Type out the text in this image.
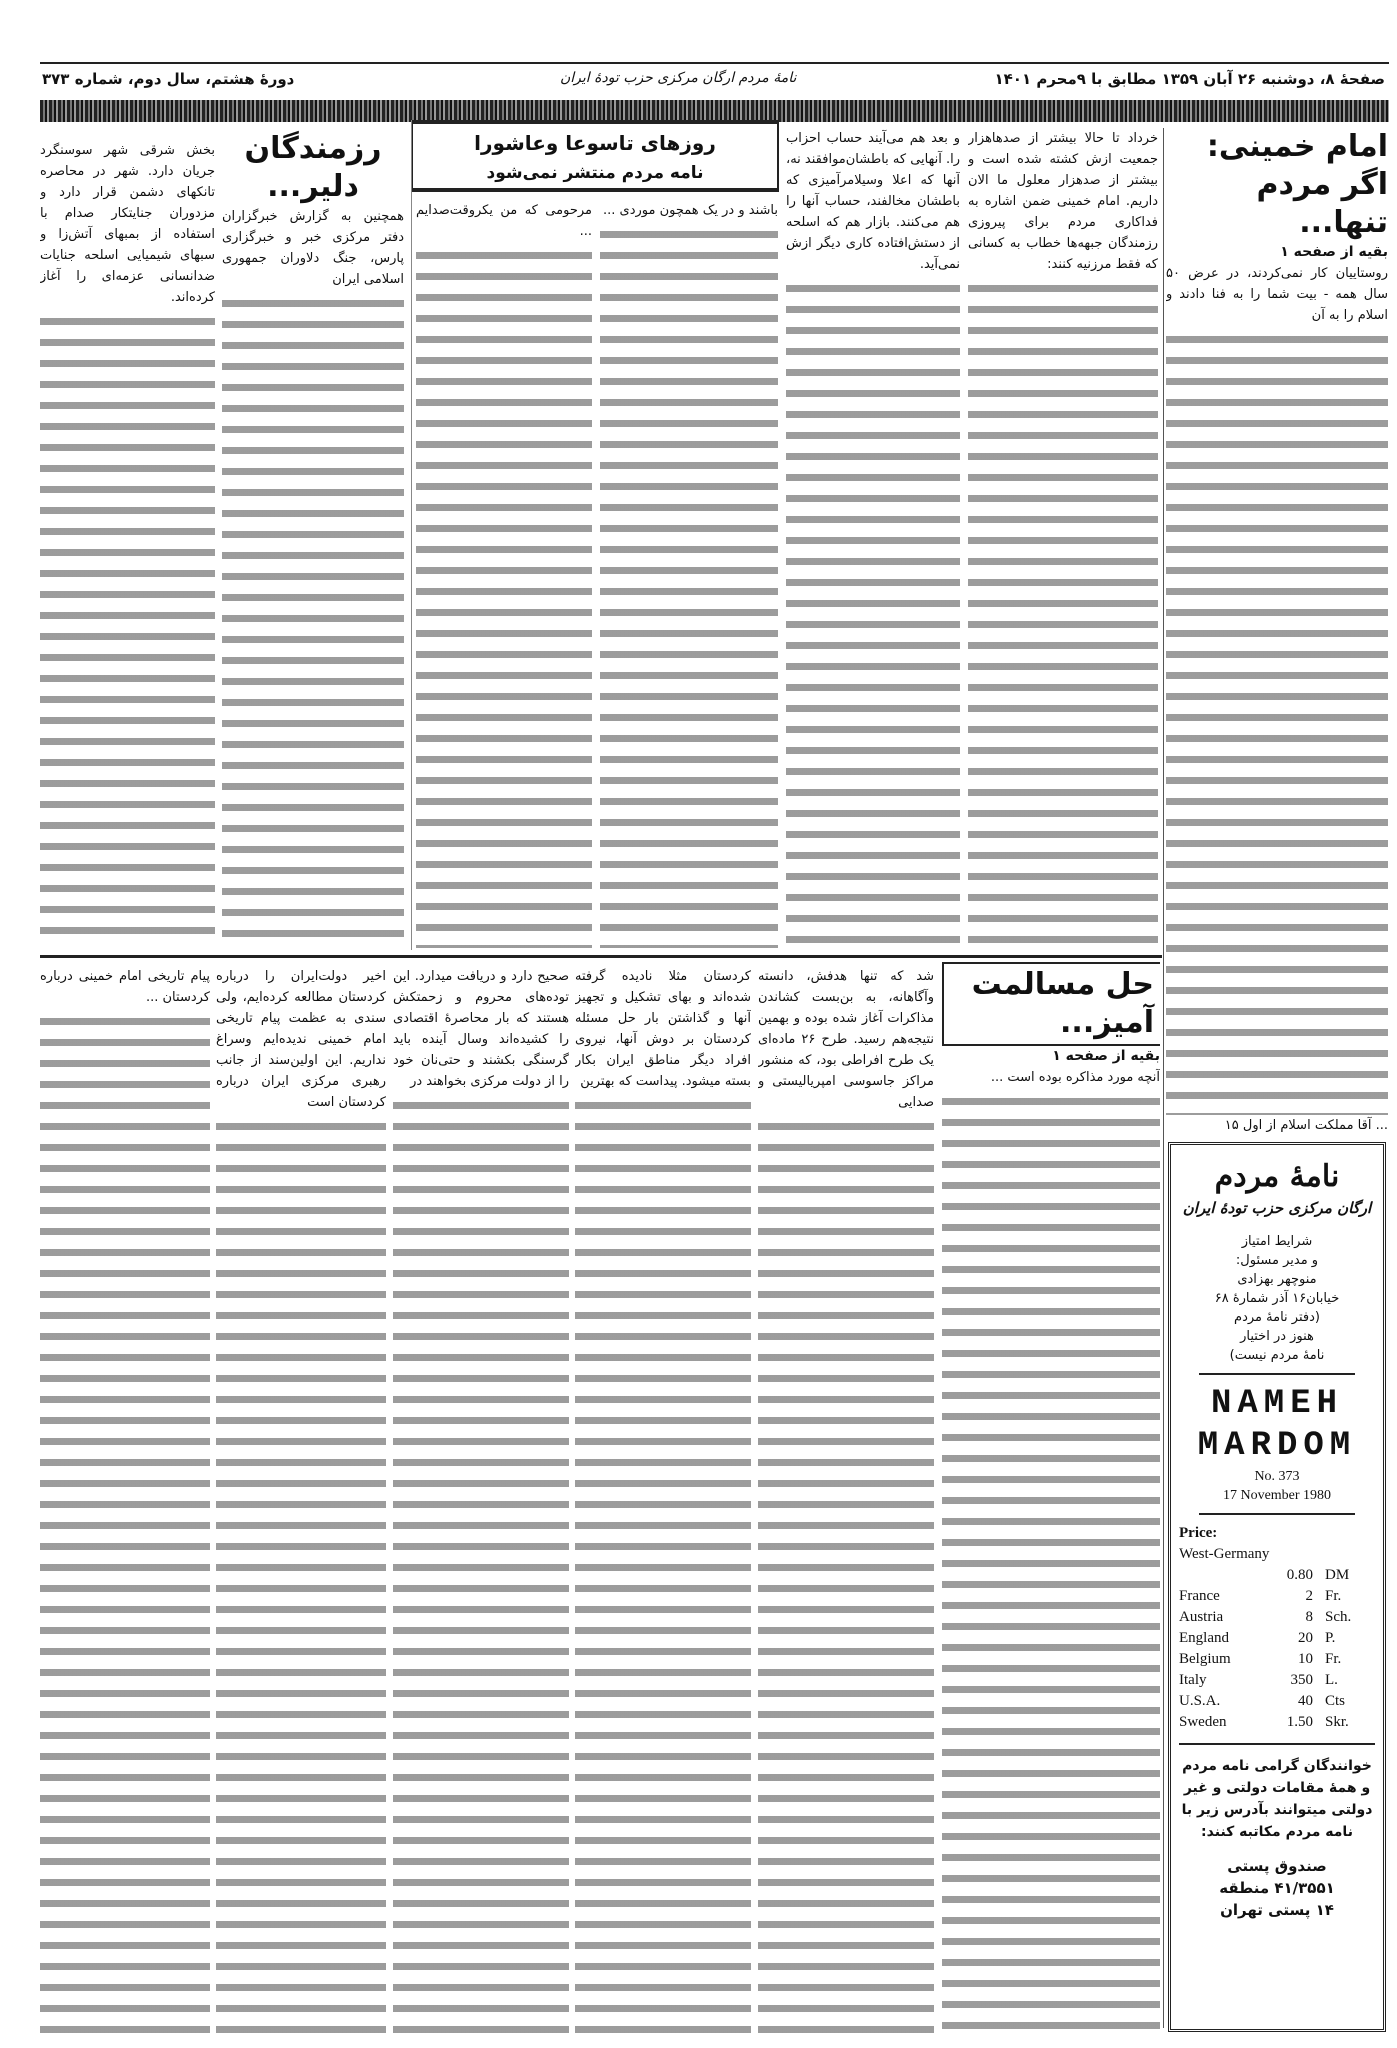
صفحهٔ ۸، دوشنبه ۲۶ آبان ۱۳۵۹ مطابق با ۹محرم ۱۴۰۱
نامهٔ مردم ارگان مرکزی حزب تودهٔ ایران
دورهٔ هشتم، سال دوم، شماره ۳۷۳
امام خمینی:
اگر مردم تنها...
بقیه از صفحه ۱

روستاییان کار نمی‌کردند، در عرض ۵۰ سال همه - بیت شما را به فنا دادند و اسلام را به آن

... آقا مملکت اسلام از اول ۱۵

خرداد تا حالا بیشتر از صدهاهزار جمعیت ازش کشته شده است و بیشتر از صدهزار معلول ما الان داریم. امام خمینی ضمن اشاره به فداکاری مردم برای پیروزی رزمندگان جبهه‌ها خطاب به کسانی که فقط مرزنیه کنند:

و بعد هم می‌آیند حساب احزاب را. آنهایی که باطشان‌موافقند نه، آنها که اعلا وسیلا‌مرآمیزی که باطشان مخالفند، حساب آنها را هم می‌کنند. بازار هم که اسلحه از دستش‌افتاده کاری دیگر ازش نمی‌آید.

روزهای تاسوعا وعاشورا
نامه مردم منتشر نمی‌شود

باشند و در یک همچون موردی ...

مرحومی که من یکروقت‌صدایم ...

رزمندگان دلیر...

همچنین به گزارش خبرگزاران دفتر مرکزی خبر و خبرگزاری پارس، جنگ دلاوران جمهوری اسلامی ایران

بخش شرقی شهر سوسنگرد جریان دارد. شهر در محاصره تانکهای دشمن قرار دارد و مزدوران جنایتکار صدام با استفاده از بمبهای آتش‌زا و سبهای شیمیایی اسلحه جنایات ضدانسانی عزمه‌ای را آغاز کرده‌اند.

حل مسالمت آمیز...
بقیه از صفحه ۱

آنچه مورد مذاکره بوده است ...

شد که تنها هدفش، دانسته وآگاهانه، به بن‌بست کشاندن مذاکرات آغاز شده بوده و بهمین نتیجه‌هم رسید. طرح ۲۶ ماده‌ای یک طرح افراطی بود، که منشور مراکز جاسوسی امپریالیستی و صدایی

کردستان مثلا نادیده گرفته شده‌اند و بهای تشکیل و تجهیز آنها و گذاشتن بار حل مسئله کردستان بر دوش آنها، نیروی افراد دیگر مناطق ایران بکار بسته میشود. پیداست که بهترین

صحیح دارد و دریافت میدارد. این توده‌های محروم و زحمتکش هستند که بار محاصرهٔ اقتصادی را کشیده‌اند وسال آینده باید گرسنگی بکشند و حتی‌نان خود را از دولت مرکزی بخواهند در

اخیر دولت‌ایران را درباره کردستان مطالعه کرده‌ایم، ولی سندی به عظمت پیام تاریخی امام خمینی ندیده‌ایم وسراغ نداریم. این اولین‌سند از جانب رهبری مرکزی ایران درباره کردستان است

پیام تاریخی امام خمینی درباره کردستان ...

نامهٔ مردم
ارگان مرکزی حزب تودهٔ ایران
شرایط امتیاز
و مدیر مسئول:
منوچهر بهزادی
خیابان۱۶ آذر شمارهٔ ۶۸
(دفتر نامهٔ مردم
هنوز در اختیار
نامهٔ مردم نیست)
NAMEH
MARDOM
No. 373
17 November 1980
Price:
West-Germany
0.80 DM
France	2 Fr.
Austria	8 Sch.
England	20 P.
Belgium	10 Fr.
Italy	350 L.
U.S.A.	40 Cts
Sweden	1.50 Skr.
خوانندگان گرامی نامه مردم و همهٔ مقامات دولتی و غیر دولتی میتوانند بآدرس زیر با نامه مردم مکاتبه کنند:
صندوق پستی
۴۱/۳۵۵۱ منطقه
۱۴ پستی تهران
